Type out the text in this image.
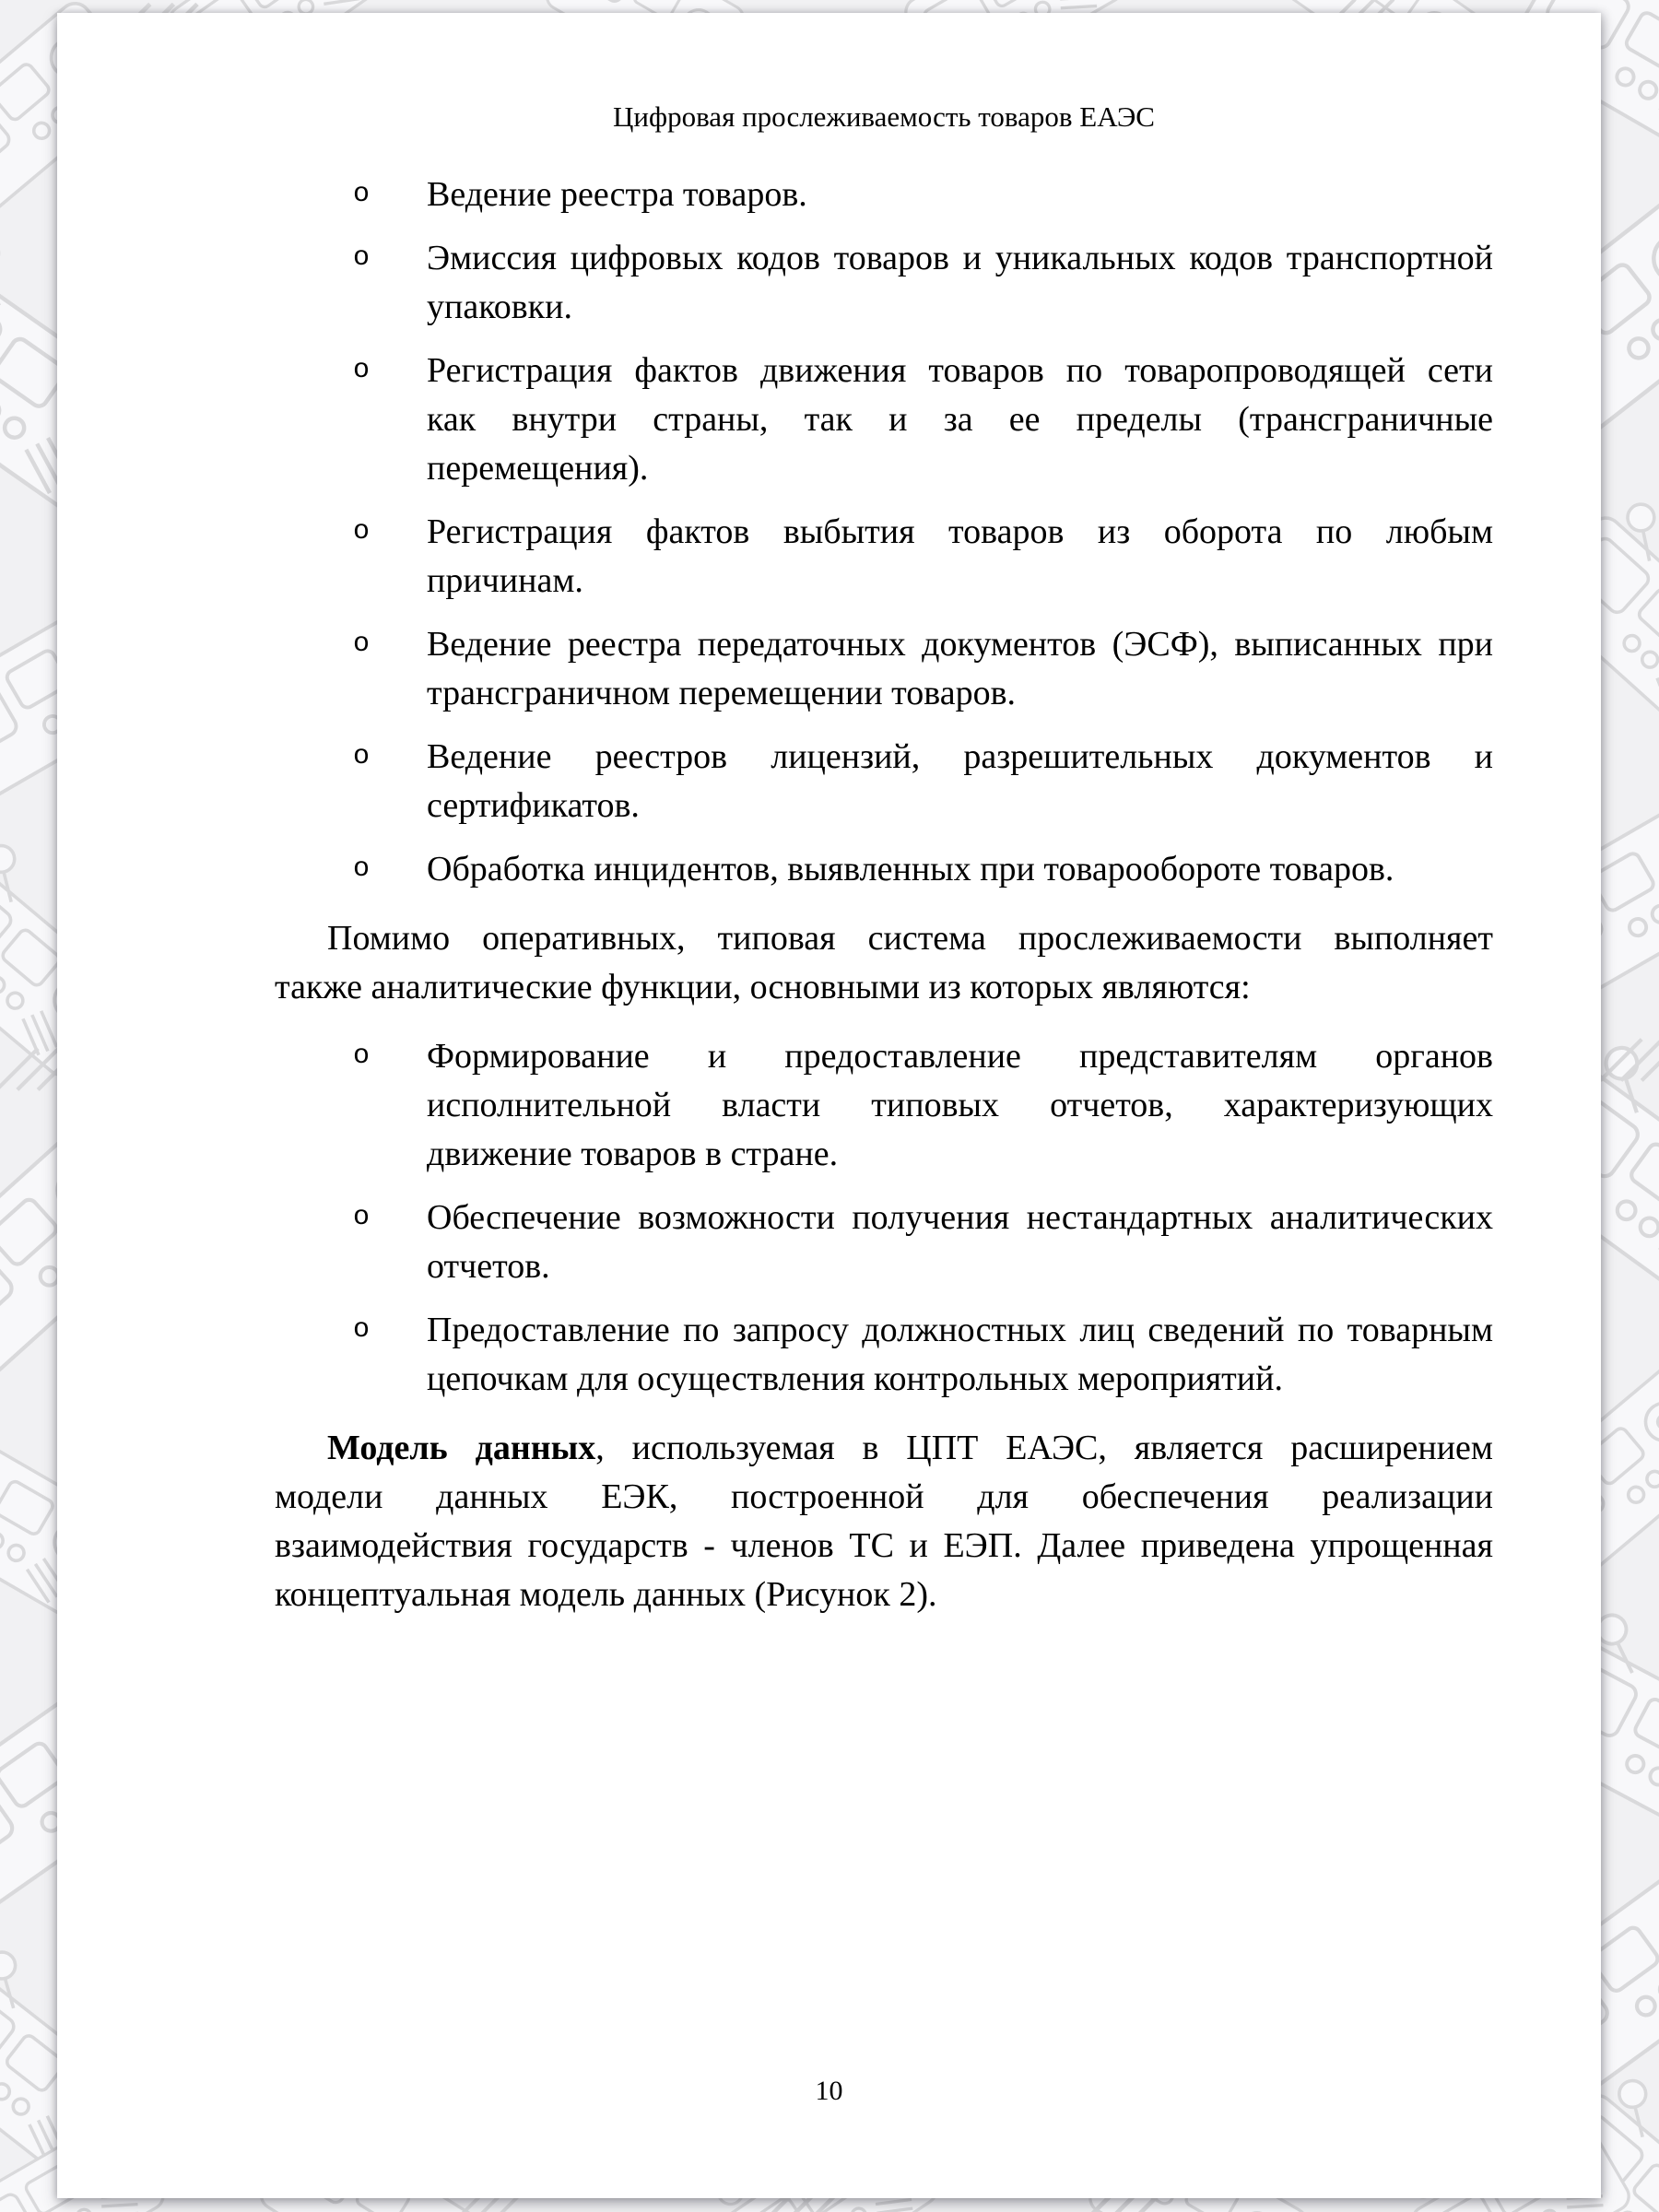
Цифровая прослеживаемость товаров ЕАЭС
o Ведение реестра товаров.
o Эмиссия цифровых кодов товаров и уникальных кодов транспортной
упаковки.
o Регистрация фактов движения товаров по товаропроводящей сети
как внутри страны, так и за ее пределы (трансграничные
перемещения).
o Регистрация фактов выбытия товаров из оборота по любым
причинам.
o Ведение реестра передаточных документов (ЭСФ), выписанных при
трансграничном перемещении товаров.
o Ведение реестров лицензий, разрешительных документов и
сертификатов.
o Обработка инцидентов, выявленных при товарообороте товаров.
Помимо оперативных, типовая система прослеживаемости выполняет
также аналитические функции, основными из которых являются:
o Формирование и предоставление представителям органов
исполнительной власти типовых отчетов, характеризующих
движение товаров в стране.
o Обеспечение возможности получения нестандартных аналитических
отчетов.
o Предоставление по запросу должностных лиц сведений по товарным
цепочкам для осуществления контрольных мероприятий.
Модель данных, используемая в ЦПТ ЕАЭС, является расширением
модели данных ЕЭК, построенной для обеспечения реализации
взаимодействия государств - членов ТС и ЕЭП. Далее приведена упрощенная
концептуальная модель данных (Рисунок 2).
10
